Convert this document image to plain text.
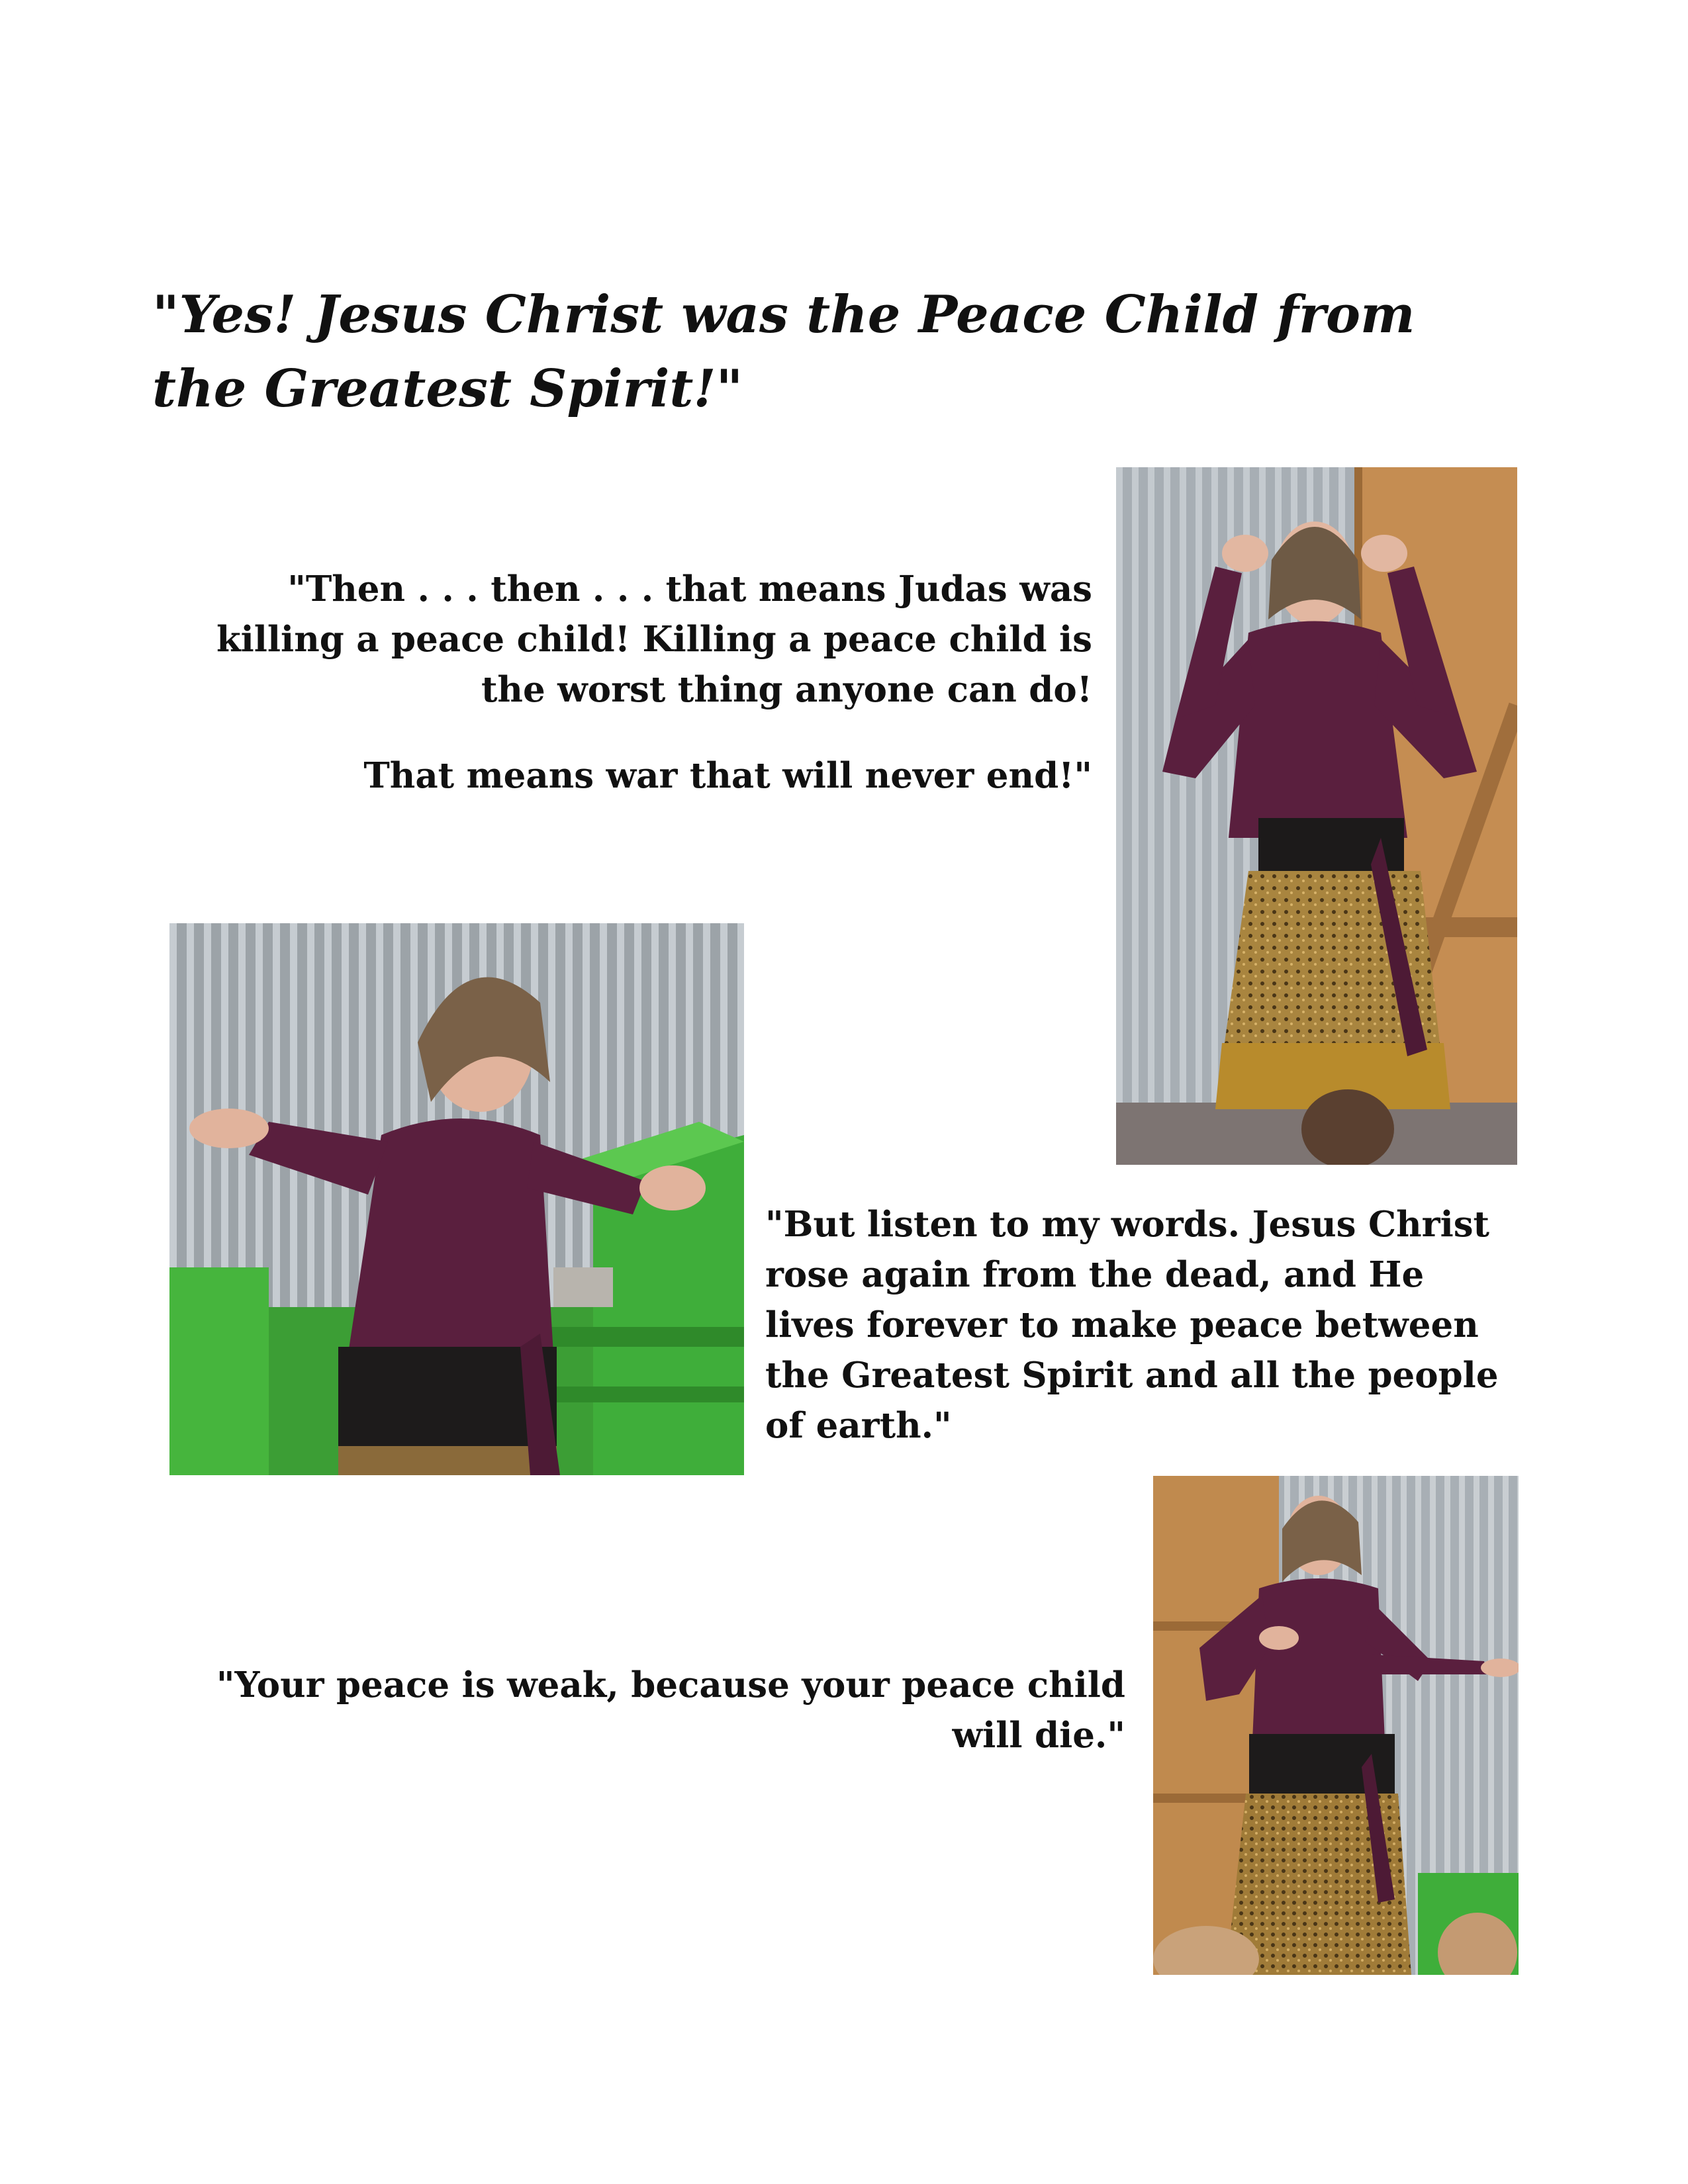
"Yes! Jesus Christ was the Peace Child from the Greatest Spirit!"

"Then . . . then . . . that means Judas was killing a peace child! Killing a peace child is the worst thing anyone can do!

That means war that will never end!"

"But listen to my words. Jesus Christ rose again from the dead, and He lives forever to make peace between the Greatest Spirit and all the people of earth."

"Your peace is weak, because your peace child will die."
